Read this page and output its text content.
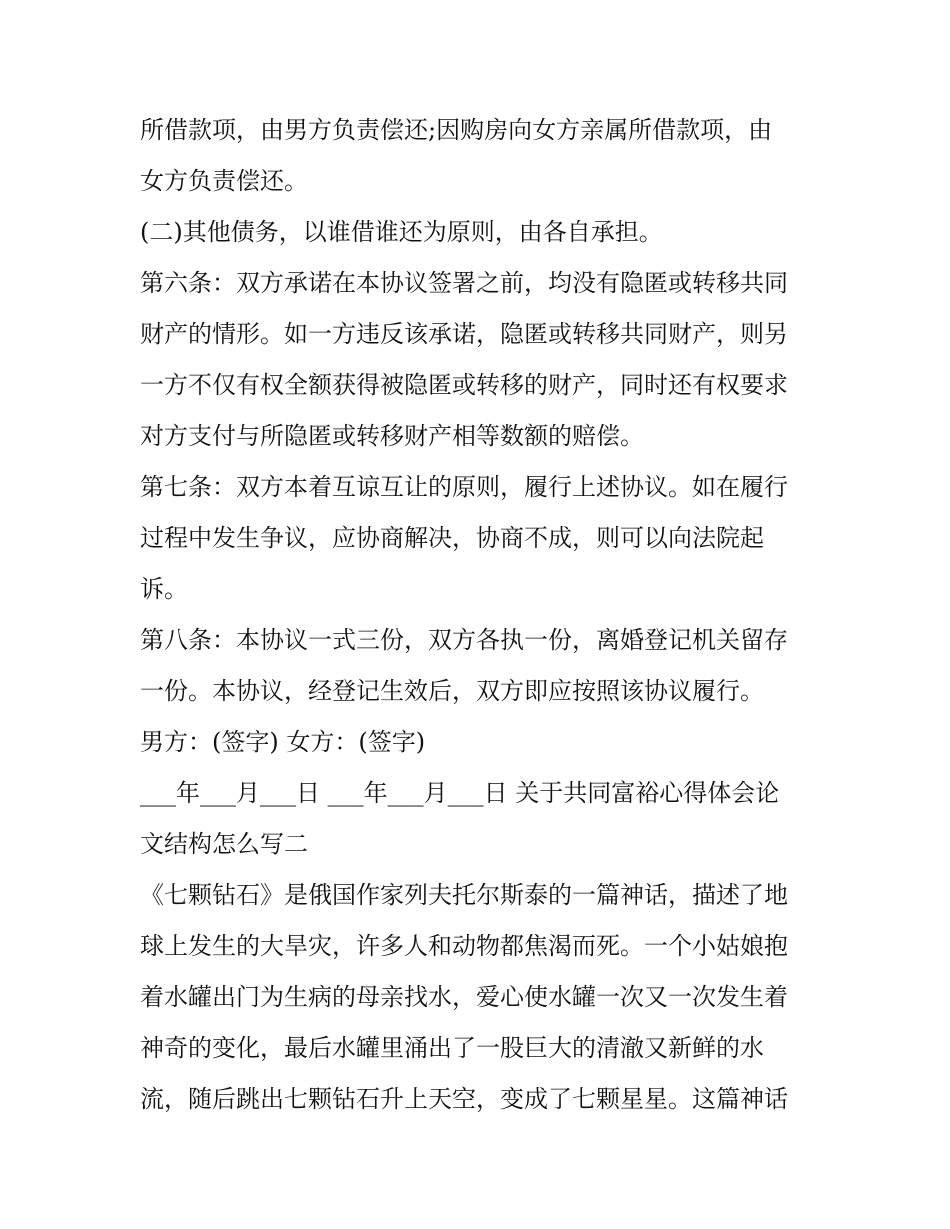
所借款项，由男方负责偿还;因购房向女方亲属所借款项，由
女方负责偿还。
(二)其他债务，以谁借谁还为原则，由各自承担。
第六条：双方承诺在本协议签署之前，均没有隐匿或转移共同
财产的情形。如一方违反该承诺，隐匿或转移共同财产，则另
一方不仅有权全额获得被隐匿或转移的财产，同时还有权要求
对方支付与所隐匿或转移财产相等数额的赔偿。
第七条：双方本着互谅互让的原则，履行上述协议。如在履行
过程中发生争议，应协商解决，协商不成，则可以向法院起
诉。
第八条：本协议一式三份，双方各执一份，离婚登记机关留存
一份。本协议，经登记生效后，双方即应按照该协议履行。
男方：(签字) 女方：(签字)
___年___月___日 ___年___月___日 关于共同富裕心得体会论
文结构怎么写二
《七颗钻石》是俄国作家列夫托尔斯泰的一篇神话，描述了地
球上发生的大旱灾，许多人和动物都焦渴而死。一个小姑娘抱
着水罐出门为生病的母亲找水，爱心使水罐一次又一次发生着
神奇的变化，最后水罐里涌出了一股巨大的清澈又新鲜的水
流，随后跳出七颗钻石升上天空，变成了七颗星星。这篇神话
